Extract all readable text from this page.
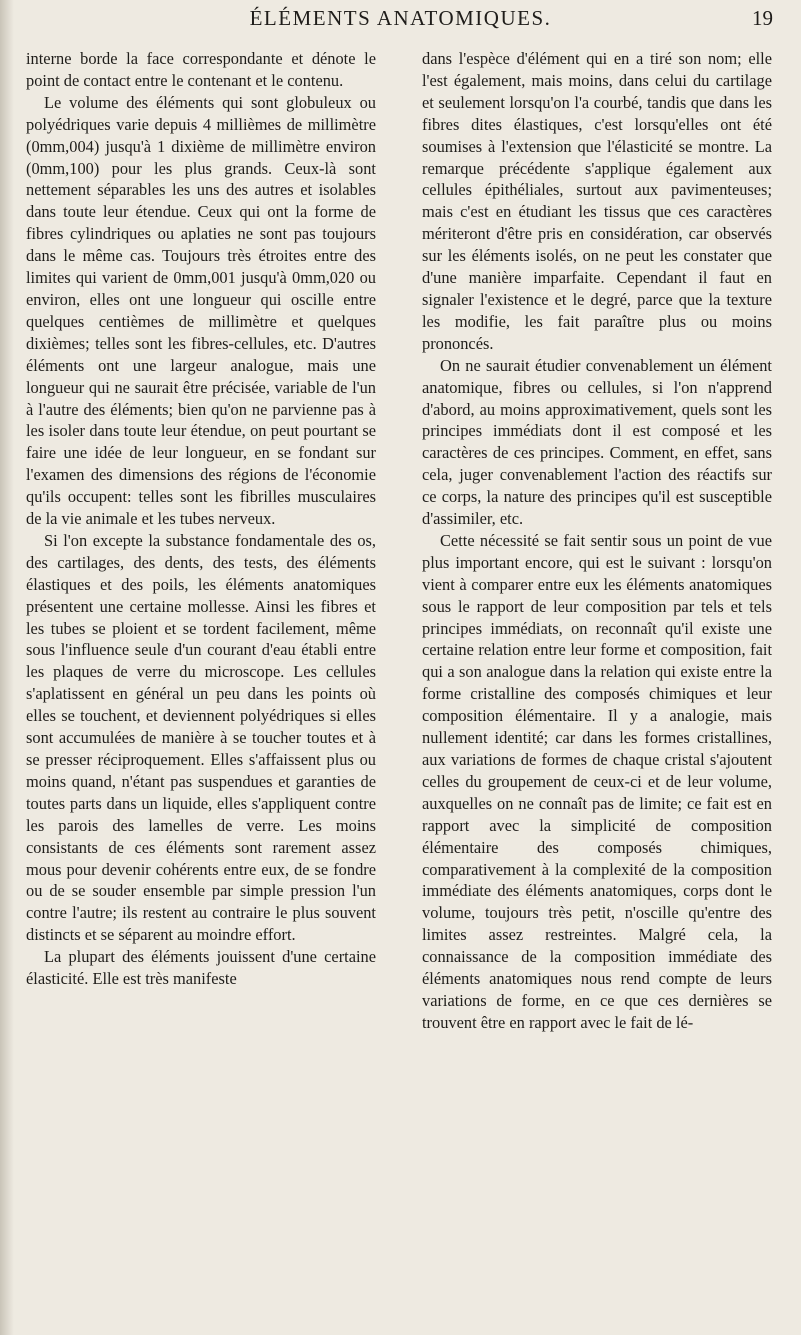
ÉLÉMENTS ANATOMIQUES.	19

interne borde la face correspondante et dénote le point de contact entre le contenant et le contenu.

Le volume des éléments qui sont globuleux ou polyédriques varie depuis 4 millièmes de millimètre (0mm,004) jusqu'à 1 dixième de millimètre environ (0mm,100) pour les plus grands. Ceux-là sont nettement séparables les uns des autres et isolables dans toute leur étendue. Ceux qui ont la forme de fibres cylindriques ou aplaties ne sont pas toujours dans le même cas. Toujours très étroites entre des limites qui varient de 0mm,001 jusqu'à 0mm,020 ou environ, elles ont une longueur qui oscille entre quelques centièmes de millimètre et quelques dixièmes; telles sont les fibres-cellules, etc. D'autres éléments ont une largeur analogue, mais une longueur qui ne saurait être précisée, variable de l'un à l'autre des éléments; bien qu'on ne parvienne pas à les isoler dans toute leur étendue, on peut pourtant se faire une idée de leur longueur, en se fondant sur l'examen des dimensions des régions de l'économie qu'ils occupent: telles sont les fibrilles musculaires de la vie animale et les tubes nerveux.

Si l'on excepte la substance fondamentale des os, des cartilages, des dents, des tests, des éléments élastiques et des poils, les éléments anatomiques présentent une certaine mollesse. Ainsi les fibres et les tubes se ploient et se tordent facilement, même sous l'influence seule d'un courant d'eau établi entre les plaques de verre du microscope. Les cellules s'aplatissent en général un peu dans les points où elles se touchent, et deviennent polyédriques si elles sont accumulées de manière à se toucher toutes et à se presser réciproquement. Elles s'affaissent plus ou moins quand, n'étant pas suspendues et garanties de toutes parts dans un liquide, elles s'appliquent contre les parois des lamelles de verre. Les moins consistants de ces éléments sont rarement assez mous pour devenir cohérents entre eux, de se fondre ou de se souder ensemble par simple pression l'un contre l'autre; ils restent au contraire le plus souvent distincts et se séparent au moindre effort.

La plupart des éléments jouissent d'une certaine élasticité. Elle est très manifeste

dans l'espèce d'élément qui en a tiré son nom; elle l'est également, mais moins, dans celui du cartilage et seulement lorsqu'on l'a courbé, tandis que dans les fibres dites élastiques, c'est lorsqu'elles ont été soumises à l'extension que l'élasticité se montre. La remarque précédente s'applique également aux cellules épithéliales, surtout aux pavimenteuses; mais c'est en étudiant les tissus que ces caractères mériteront d'être pris en considération, car observés sur les éléments isolés, on ne peut les constater que d'une manière imparfaite. Cependant il faut en signaler l'existence et le degré, parce que la texture les modifie, les fait paraître plus ou moins prononcés.

On ne saurait étudier convenablement un élément anatomique, fibres ou cellules, si l'on n'apprend d'abord, au moins approximativement, quels sont les principes immédiats dont il est composé et les caractères de ces principes. Comment, en effet, sans cela, juger convenablement l'action des réactifs sur ce corps, la nature des principes qu'il est susceptible d'assimiler, etc.

Cette nécessité se fait sentir sous un point de vue plus important encore, qui est le suivant : lorsqu'on vient à comparer entre eux les éléments anatomiques sous le rapport de leur composition par tels et tels principes immédiats, on reconnaît qu'il existe une certaine relation entre leur forme et composition, fait qui a son analogue dans la relation qui existe entre la forme cristalline des composés chimiques et leur composition élémentaire. Il y a analogie, mais nullement identité; car dans les formes cristallines, aux variations de formes de chaque cristal s'ajoutent celles du groupement de ceux-ci et de leur volume, auxquelles on ne connaît pas de limite; ce fait est en rapport avec la simplicité de composition élémentaire des composés chimiques, comparativement à la complexité de la composition immédiate des éléments anatomiques, corps dont le volume, toujours très petit, n'oscille qu'entre des limites assez restreintes. Malgré cela, la connaissance de la composition immédiate des éléments anatomiques nous rend compte de leurs variations de forme, en ce que ces dernières se trouvent être en rapport avec le fait de lé-
